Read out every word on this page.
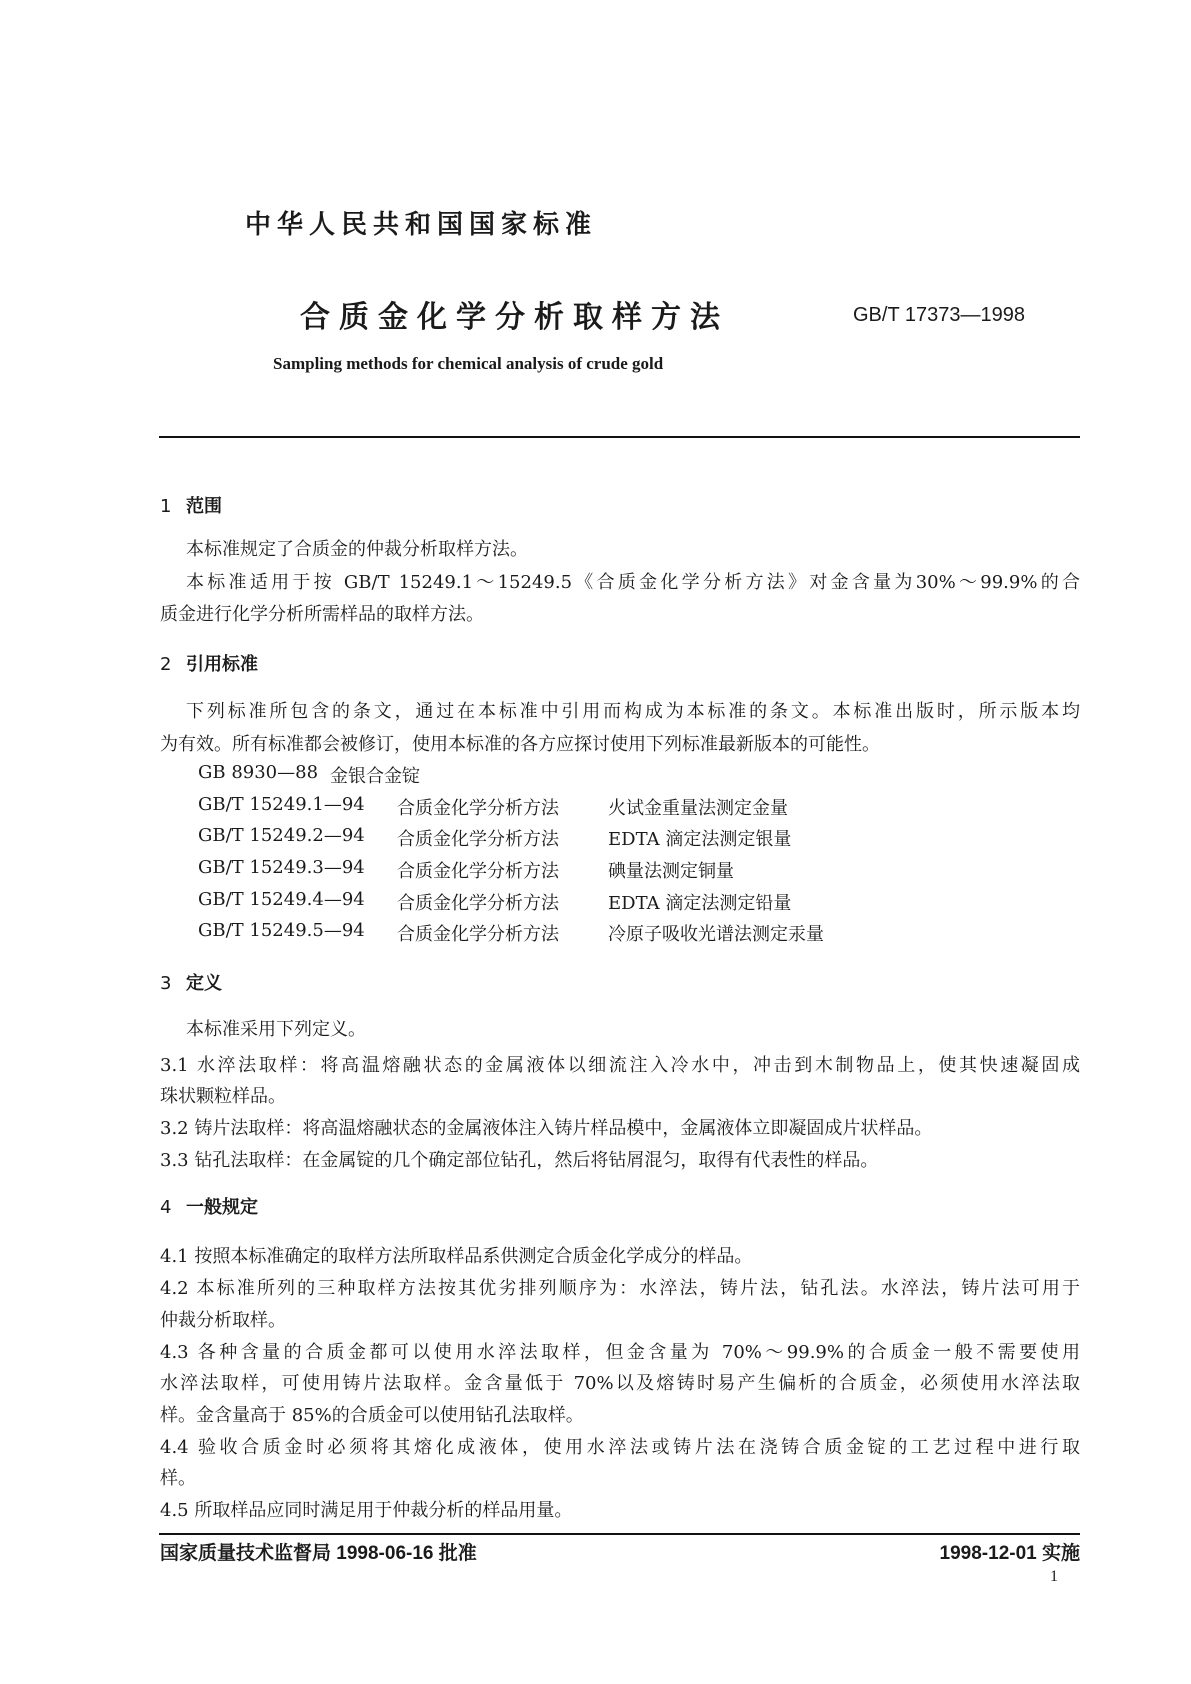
中华人民共和国国家标准
合质金化学分析取样方法	GB/T 17373—1998
Sampling methods for chemical analysis of crude gold
1 范围
本标准规定了合质金的仲裁分析取样方法。
本标准适用于按 GB/T 15249.1～15249.5《合质金化学分析方法》对金含量为30%～99.9%的合
质金进行化学分析所需样品的取样方法。
2 引用标准
下列标准所包含的条文，通过在本标准中引用而构成为本标准的条文。本标准出版时，所示版本均
为有效。所有标准都会被修订，使用本标准的各方应探讨使用下列标准最新版本的可能性。
GB 8930—88 金银合金锭
GB/T 15249.1—94 合质金化学分析方法	火试金重量法测定金量
GB/T 15249.2—94 合质金化学分析方法	EDTA 滴定法测定银量
GB/T 15249.3—94 合质金化学分析方法	碘量法测定铜量
GB/T 15249.4—94 合质金化学分析方法	EDTA 滴定法测定铅量
GB/T 15249.5—94 合质金化学分析方法	冷原子吸收光谱法测定汞量
3 定义
本标准采用下列定义。
3.1 水淬法取样：将高温熔融状态的金属液体以细流注入冷水中，冲击到木制物品上，使其快速凝固成
珠状颗粒样品。
3.2 铸片法取样：将高温熔融状态的金属液体注入铸片样品模中，金属液体立即凝固成片状样品。
3.3 钻孔法取样：在金属锭的几个确定部位钻孔，然后将钻屑混匀，取得有代表性的样品。
4 一般规定
4.1 按照本标准确定的取样方法所取样品系供测定合质金化学成分的样品。
4.2 本标准所列的三种取样方法按其优劣排列顺序为：水淬法，铸片法，钻孔法。水淬法，铸片法可用于
仲裁分析取样。
4.3 各种含量的合质金都可以使用水淬法取样，但金含量为 70%～99.9%的合质金一般不需要使用
水淬法取样，可使用铸片法取样。金含量低于 70%以及熔铸时易产生偏析的合质金，必须使用水淬法取
样。金含量高于 85%的合质金可以使用钻孔法取样。
4.4 验收合质金时必须将其熔化成液体，使用水淬法或铸片法在浇铸合质金锭的工艺过程中进行取
样。
4.5 所取样品应同时满足用于仲裁分析的样品用量。
国家质量技术监督局 1998-06-16 批准	1998-12-01 实施
1
